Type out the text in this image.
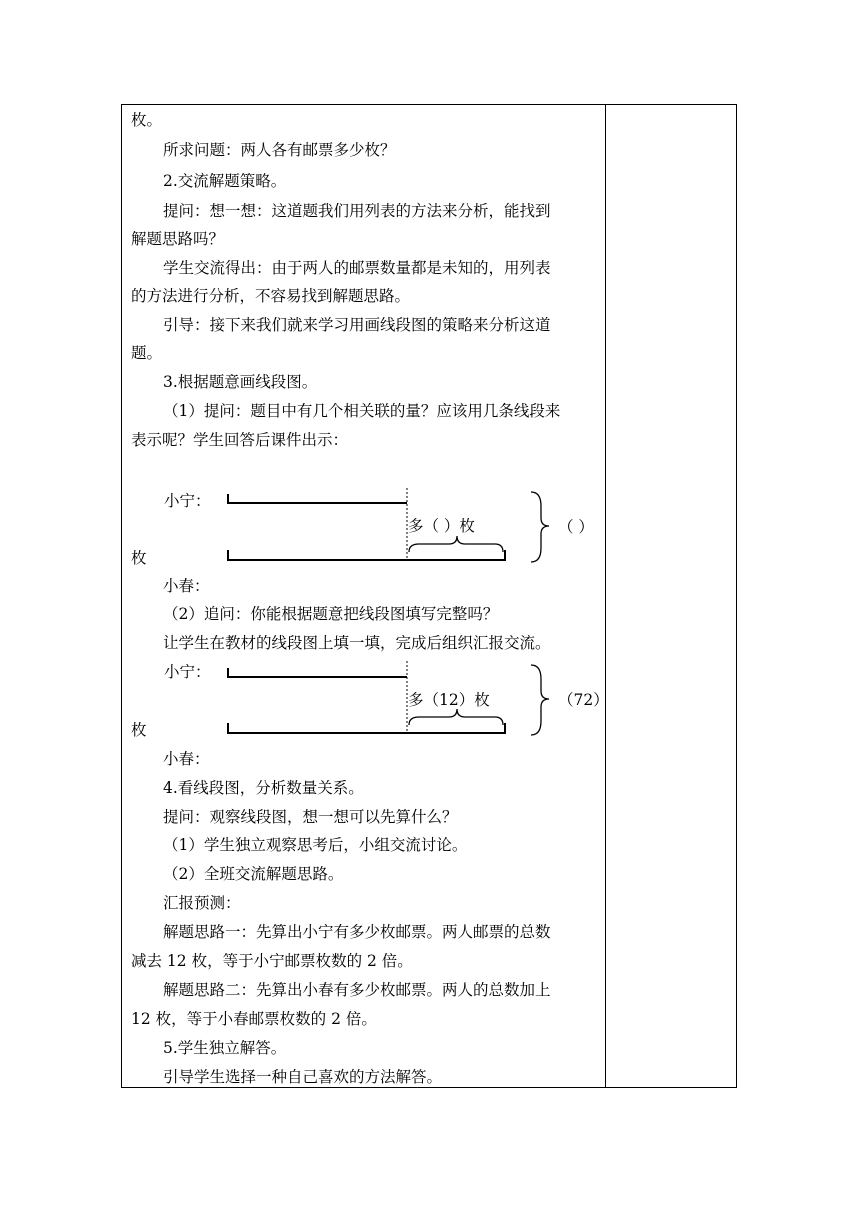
枚。
所求问题：两人各有邮票多少枚？
2.交流解题策略。
提问：想一想：这道题我们用列表的方法来分析，能找到
解题思路吗？
学生交流得出：由于两人的邮票数量都是未知的，用列表
的方法进行分析，不容易找到解题思路。
引导：接下来我们就来学习用画线段图的策略来分析这道
题。
3.根据题意画线段图。
（1）提问：题目中有几个相关联的量？应该用几条线段来
表示呢？学生回答后课件出示：
小宁：
多（ ）枚	（ ）
枚
小春：
（2）追问：你能根据题意把线段图填写完整吗？
让学生在教材的线段图上填一填，完成后组织汇报交流。
小宁：
多（12）枚	（72）
枚
小春：
4.看线段图，分析数量关系。
提问：观察线段图，想一想可以先算什么？
（1）学生独立观察思考后，小组交流讨论。
（2）全班交流解题思路。
汇报预测：
解题思路一：先算出小宁有多少枚邮票。两人邮票的总数
减去 12 枚，等于小宁邮票枚数的 2 倍。
解题思路二：先算出小春有多少枚邮票。两人的总数加上
12 枚，等于小春邮票枚数的 2 倍。
5.学生独立解答。
引导学生选择一种自己喜欢的方法解答。
